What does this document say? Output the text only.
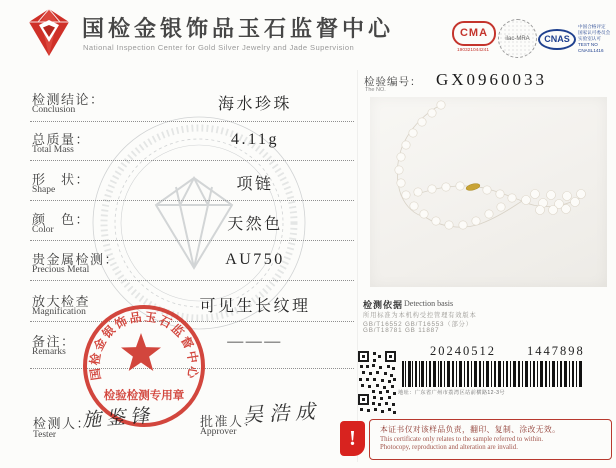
国检金银饰品玉石监督中心
National Inspection Center for Gold Silver Jewelry and Jade Supervision
CMA
190321044241
ilac-MRA	CNAS
中国合格评定
国家认可委员会
实验室认可
TEST NO
CNASL1416
检测结论：
Conclusion	海水珍珠
总质量：
Total Mass
4.11g
形　状：
Shape	项链
颜　色：
Color	天然色
贵金属检测：
Precious Metal
AU750
放大检查
Magnification	可见生长纹理
备注：
Remarks
———
国检金银饰品玉石监督中心
检验检测专用章
检测人：
Tester
施鉴锋	批准人：
Approver
吴浩成
检验编号：
The NO.
GX0960033
检测依据 Detection basis
所用标准为本机构受控管理有效版本
GB/T16552 GB/T16553（部分）
GB/T18781 GB 11887
20240512 1447898
地址：广东省广州市荔湾区站前横路12-3号
!	本证书仅对该样品负责，翻印、复制、涂改无效。
This certificate only relates to the sample referred to within.
Photocopy, reproduction and alteration are invalid.
